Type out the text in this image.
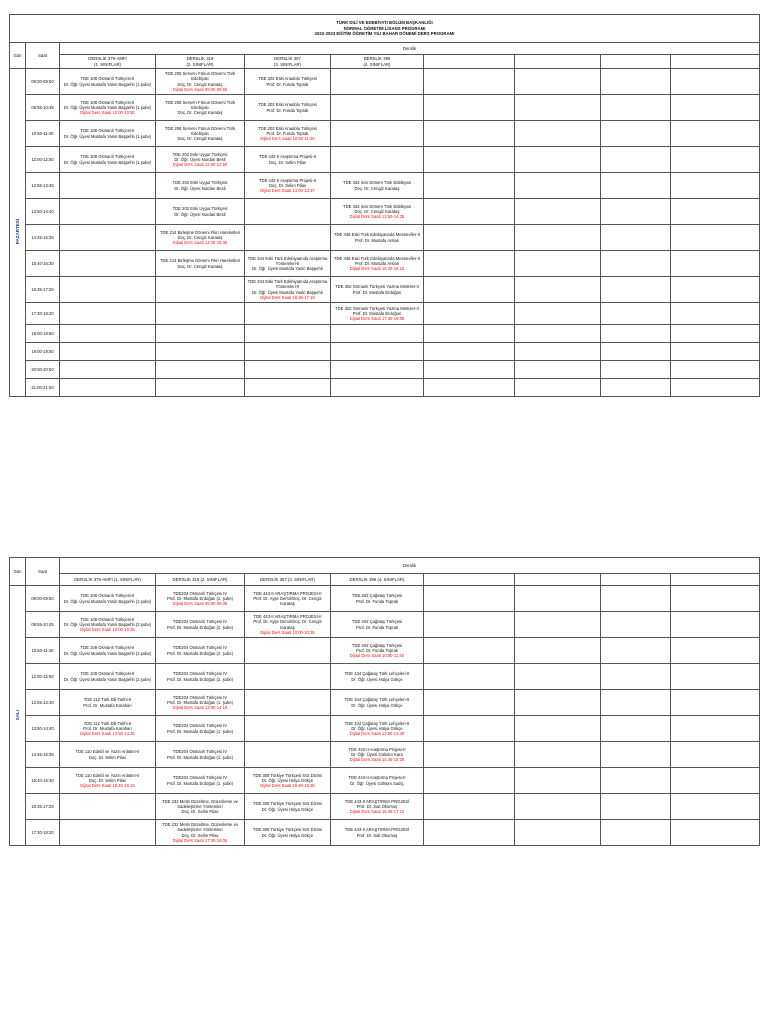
TÜRK DİLİ VE EDEBİYATI BÖLÜM BAŞKANLIĞI
NORMAL ÖĞRETİM LİSANS PROGRAMI
2022-2023 EĞİTİM ÖĞRETİM YILI BAHAR DÖNEMİ DERS PROGRAMI									

Gün	Saat	Derslik							

		DERSLİK 379-AMFİ
(1. SINIFLAR)	DERSLİK 319
(2. SINIFLAR)	DERSLİK 367
(3. SINIFLAR)	DERSLİK 396
(4. SINIFLAR)				

PAZARTESİ	09:00-09:50	TDE 108 Osmanlı Türkçesi-II
Dr. Öğr. Üyesi Mustafa Yasin Başpehlı (1.şube)	TDE 206 Servet-i Fünun Dönemi Türk
Edebiyatı
Doç. Dr. Cengiz Karataş
Dijital Ders Saati 09:00-09:50	TDE 202 Eski Anadolu Türkçesi
Prof. Dr. Funda Toprak					

	09:55-10:45	TDE 108 Osmanlı Türkçesi-II
Dr. Öğr. Üyesi Mustafa Yasin Başpehlı (1.şube)
Dijital Ders Saati 10:00-10:50	TDE 206 Servet-i Fünun Dönemi Türk
Edebiyatı
Doç. Dr. Cengiz Karataş	TDE 202 Eski Anadolu Türkçesi
Prof. Dr. Funda Toprak					

	10:50-11:40	TDE 108 Osmanlı Türkçesi-II
Dr. Öğr. Üyesi Mustafa Yasin Başpehlı (1.şube)	TDE 206 Servet-i Fünun Dönemi Türk
Edebiyatı
Doç. Dr. Cengiz Karataş	TDE 202 Eski Anadolu Türkçesi
Prof. Dr. Funda Toprak
Dijital Ders Saati 10:50-11:40					

	12:00-12:50	TDE 108 Osmanlı Türkçesi-II
Dr. Öğr. Üyesi Mustafa Yasin Başpehlı (1.şube)	TDE 202 Eski Uygur Türkçesi
Dr. Öğr. Üyesi Nurdan Besli
Dijital Ders Saati 12:00-12:50	TDE 442-II Araştırma Projesi-II
Doç. Dr. Selim Pilav					

	12:55-13:45		TDE 202 Eski Uygur Türkçesi
Dr. Öğr. Üyesi Nurdan Besli	TDE 442-II Araştırma Projesi-II
Doç. Dr. Selim Pilav
Dijital Ders Saati 13:00-13:37	TDE 434 Son Dönem Türk Edebiyatı
Doç. Dr. Cengiz Karataş				

	13:50-14:40		TDE 202 Eski Uygur Türkçesi
Dr. Öğr. Üyesi Nurdan Besli		TDE 434 Son Dönem Türk Edebiyatı
Doç. Dr. Cengiz Karataş
Dijital Ders Saati 13:50-14:25				

	14:45-15:35		TDE 214 Birleşme Dönemi Fikri Hareketleri
Doç. Dr. Cengiz Karataş
Dijital Ders Saati 14:45-15:35		TDE 446 Eski Türk Edebiyatında Mesnevîler-II
Prof. Dr. Mustafa Arslan				

	15:40-16:30		TDE 214 Birleşme Dönemi Fikri Hareketleri
Doç. Dr. Cengiz Karataş	TDE 344 Eski Türk Edebiyatında Araştırma
Yöntemleri-II
Dr. Öğr. Üyesi Mustafa Yasin Başpehlı	TDE 446 Eski Türk Edebiyatında Mesnevîler-II
Prof. Dr. Mustafa Arslan
Dijital Ders Saati 15:40-16:15				

	16:35-17:25			TDE 344 Eski Türk Edebiyatında Araştırma
Yöntemleri-II
Dr. Öğr. Üyesi Mustafa Yasin Başpehlı
Dijital Ders Saati 16:35-17:10	TDE 402 Osmanlı Türkçesi Yazma Metinler-II
Prof. Dr. Mustafa Erdoğan				

	17:30-18:20				TDE 402 Osmanlı Türkçesi Yazma Metinler-II
Prof. Dr. Mustafa Erdoğan
Dijital Ders Saati 17:30-18:05				

	18:00-18:50								
	19:00-19:50								
	20:00-20:50								
	21:00-21:50								
Gün	Saat	Derslik							

		DERSLİK 379-AMFİ (1. SINIFLAR)	DERSLİK 319 (2. SINIFLAR)	DERSLİK 367 (3. SINIFLAR)	DERSLİK 396 (4. SINIFLAR)				

SALI	09:00-09:50	TDE 108 Osmanlı Türkçesi-II
Dr. Öğr. Üyesi Mustafa Yasin Başpehlı (2.şube)	TDE204 Osmanlı Türkçesi IV
Prof. Dr. Mustafa Erdoğan (2. şube)
Dijital Ders Saati 09:00-09:35	TDE 443-II ARAŞTIRMA PROJESİ-II
Prof. Dr. Ayşe Demir/Doç. Dr. Cengiz Karataş	TDE 402 Çağatay Türkçesi
Prof. Dr. Funda Toprak				

	09:55-10:45	TDE 108 Osmanlı Türkçesi-II
Dr. Öğr. Üyesi Mustafa Yasin Başpehlı (2.şube)
Dijital Ders Saati 10:00-10:35	TDE204 Osmanlı Türkçesi IV
Prof. Dr. Mustafa Erdoğan (2. şube)	TDE 443-II ARAŞTIRMA PROJESİ-II
Prof. Dr. Ayşe Demir/Doç. Dr. Cengiz Karataş
Dijital Ders Saati 10:00-10:35	TDE 402 Çağatay Türkçesi
Prof. Dr. Funda Toprak				

	10:50-11:40	TDE 108 Osmanlı Türkçesi-II
Dr. Öğr. Üyesi Mustafa Yasin Başpehlı (2.şube)	TDE204 Osmanlı Türkçesi IV
Prof. Dr. Mustafa Erdoğan (2. şube)		TDE 402 Çağatay Türkçesi
Prof. Dr. Funda Toprak
Dijital Ders Saati 10:50-11:40				

	12:00-12:50	TDE 108 Osmanlı Türkçesi-II
Dr. Öğr. Üyesi Mustafa Yasin Başpehlı (2.şube)	TDE204 Osmanlı Türkçesi IV
Prof. Dr. Mustafa Erdoğan (2. şube)		TDE 434 Çağatay Türk Lehçeleri-II
Dr. Öğr. Üyesi Hülya Gökçe				

	12:55-13:45	TDE 112 Türk Dili Tarihi-II
Prof. Dr. Mustafa Karahan	TDE204 Osmanlı Türkçesi IV
Prof. Dr. Mustafa Erdoğan (1. şube)
Dijital Ders Saati 13:00-14:10		TDE 434 Çağatay Türk Lehçeleri-II
Dr. Öğr. Üyesi Hülya Gökçe				

	13:50-14:40	TDE 112 Türk Dili Tarihi-II
Prof. Dr. Mustafa Karahan
Dijital Ders Saati 13:50-14:25	TDE204 Osmanlı Türkçesi IV
Prof. Dr. Mustafa Erdoğan (1. şube)		TDE 434 Çağatay Türk Lehçeleri-II
Dr. Öğr. Üyesi Hülya Gökçe
Dijital Ders Saati 13:50-14:40				

	14:45-15:35	TDE 110 Edebî ve Yazılı Anlatım-II
Doç. Dr. Selim Pilav	TDE204 Osmanlı Türkçesi IV
Prof. Dr. Mustafa Erdoğan (1. şube)		TDE 443-II Araştırma Projesi-II
Dr. Öğr. Üyesi Gülsüm Kara
Dijital Ders Saati 14:45-15:20				

	15:40-16:30	TDE 110 Edebî ve Yazılı Anlatım-II
Doç. Dr. Selim Pilav
Dijital Ders Saati 15:40-16:15	TDE204 Osmanlı Türkçesi IV
Prof. Dr. Mustafa Erdoğan (1. şube)	TDE 308 Türkiye Türkçesi Söz Dizimi
Dr. Öğr. Üyesi Hülya Gökçe
Dijital Ders Saati 15:40-16:30	TDE 443-II Araştırma Projesi-II
Dr. Öğr. Üyesi Gülsüm Sadıç				

	16:35-17:25		TDE 232 Metin Düzeltme, Düzenleme ve
Sadeleştirme Yöntemleri
Doç. Dr. Selim Pilav	TDE 308 Türkiye Türkçesi Söz Dizimi
Dr. Öğr. Üyesi Hülya Gökçe	TDE 443-II ARAŞTIRMA PROJESİ
Prof. Dr. Sait Okumuş
Dijital Ders Saati 16:35-17:10				

	17:30-18:20		TDE 232 Metin Düzeltme, Düzenleme ve
Sadeleştirme Yöntemleri
Doç. Dr. Selim Pilav
Dijital Ders Saati 17:30-18:05	TDE 308 Türkiye Türkçesi Söz Dizimi
Dr. Öğr. Üyesi Hülya Gökçe	TDE 443-II ARAŞTIRMA PROJESİ
Prof. Dr. Sait Okumuş				
